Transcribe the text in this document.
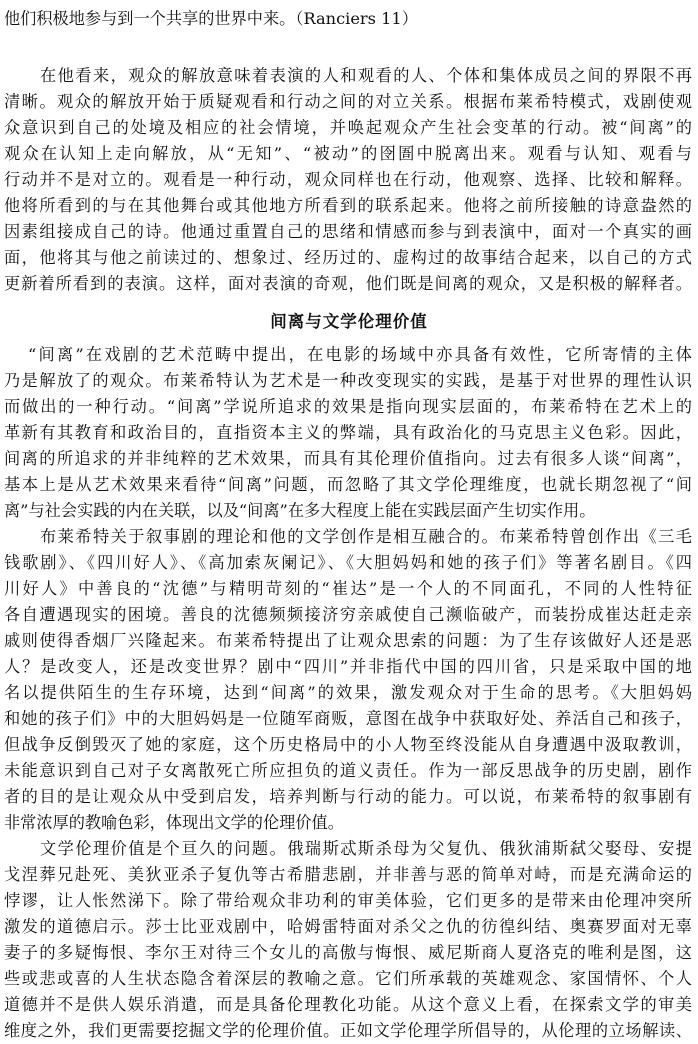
他们积极地参与到一个共享的世界中来。（Ranciers 11）
在他看来，观众的解放意味着表演的人和观看的人、个体和集体成员之间的界限不再
清晰。观众的解放开始于质疑观看和行动之间的对立关系。根据布莱希特模式，戏剧使观
众意识到自己的处境及相应的社会情境，并唤起观众产生社会变革的行动。被“间离”的
观众在认知上走向解放，从“无知”、“被动”的囹圄中脱离出来。观看与认知、观看与
行动并不是对立的。观看是一种行动，观众同样也在行动，他观察、选择、比较和解释。
他将所看到的与在其他舞台或其他地方所看到的联系起来。他将之前所接触的诗意盎然的
因素组接成自己的诗。他通过重置自己的思绪和情感而参与到表演中，面对一个真实的画
面，他将其与他之前读过的、想象过、经历过的、虚构过的故事结合起来，以自己的方式
更新着所看到的表演。这样，面对表演的奇观，他们既是间离的观众，又是积极的解释者。
间离与文学伦理价值
“间离”在戏剧的艺术范畴中提出，在电影的场域中亦具备有效性，它所寄情的主体
乃是解放了的观众。布莱希特认为艺术是一种改变现实的实践，是基于对世界的理性认识
而做出的一种行动。“间离”学说所追求的效果是指向现实层面的，布莱希特在艺术上的
革新有其教育和政治目的，直指资本主义的弊端，具有政治化的马克思主义色彩。因此，
间离的所追求的并非纯粹的艺术效果，而具有其伦理价值指向。过去有很多人谈“间离”，
基本上是从艺术效果来看待“间离”问题，而忽略了其文学伦理维度，也就长期忽视了“间
离”与社会实践的内在关联，以及“间离”在多大程度上能在实践层面产生切实作用。
布莱希特关于叙事剧的理论和他的文学创作是相互融合的。布莱希特曾创作出《三毛
钱歌剧》、《四川好人》、《高加索灰阑记》、《大胆妈妈和她的孩子们》等著名剧目。《四
川好人》中善良的“沈德”与精明苛刻的“崔达”是一个人的不同面孔，不同的人性特征
各自遭遇现实的困境。善良的沈德频频接济穷亲戚使自己濒临破产，而装扮成崔达赶走亲
戚则使得香烟厂兴隆起来。布莱希特提出了让观众思索的问题：为了生存该做好人还是恶
人？是改变人，还是改变世界？剧中“四川”并非指代中国的四川省，只是采取中国的地
名以提供陌生的生存环境，达到“间离”的效果，激发观众对于生命的思考。《大胆妈妈
和她的孩子们》中的大胆妈妈是一位随军商贩，意图在战争中获取好处、养活自己和孩子，
但战争反倒毁灭了她的家庭，这个历史格局中的小人物至终没能从自身遭遇中汲取教训，
未能意识到自己对子女离散死亡所应担负的道义责任。作为一部反思战争的历史剧，剧作
者的目的是让观众从中受到启发，培养判断与行动的能力。可以说，布莱希特的叙事剧有
非常浓厚的教喻色彩，体现出文学的伦理价值。
文学伦理价值是个亘久的问题。俄瑞斯忒斯杀母为父复仇、俄狄浦斯弑父娶母、安提
戈涅葬兄赴死、美狄亚杀子复仇等古希腊悲剧，并非善与恶的简单对峙，而是充满命运的
悖谬，让人怅然涕下。除了带给观众非功利的审美体验，它们更多的是带来由伦理冲突所
激发的道德启示。莎士比亚戏剧中，哈姆雷特面对杀父之仇的彷徨纠结、奥赛罗面对无辜
妻子的多疑悔恨、李尔王对待三个女儿的高傲与悔恨、威尼斯商人夏洛克的唯利是图，这
些或悲或喜的人生状态隐含着深层的教喻之意。它们所承载的英雄观念、家国情怀、个人
道德并不是供人娱乐消遣，而是具备伦理教化功能。从这个意义上看，在探索文学的审美
维度之外，我们更需要挖掘文学的伦理价值。正如文学伦理学所倡导的，从伦理的立场解读、
